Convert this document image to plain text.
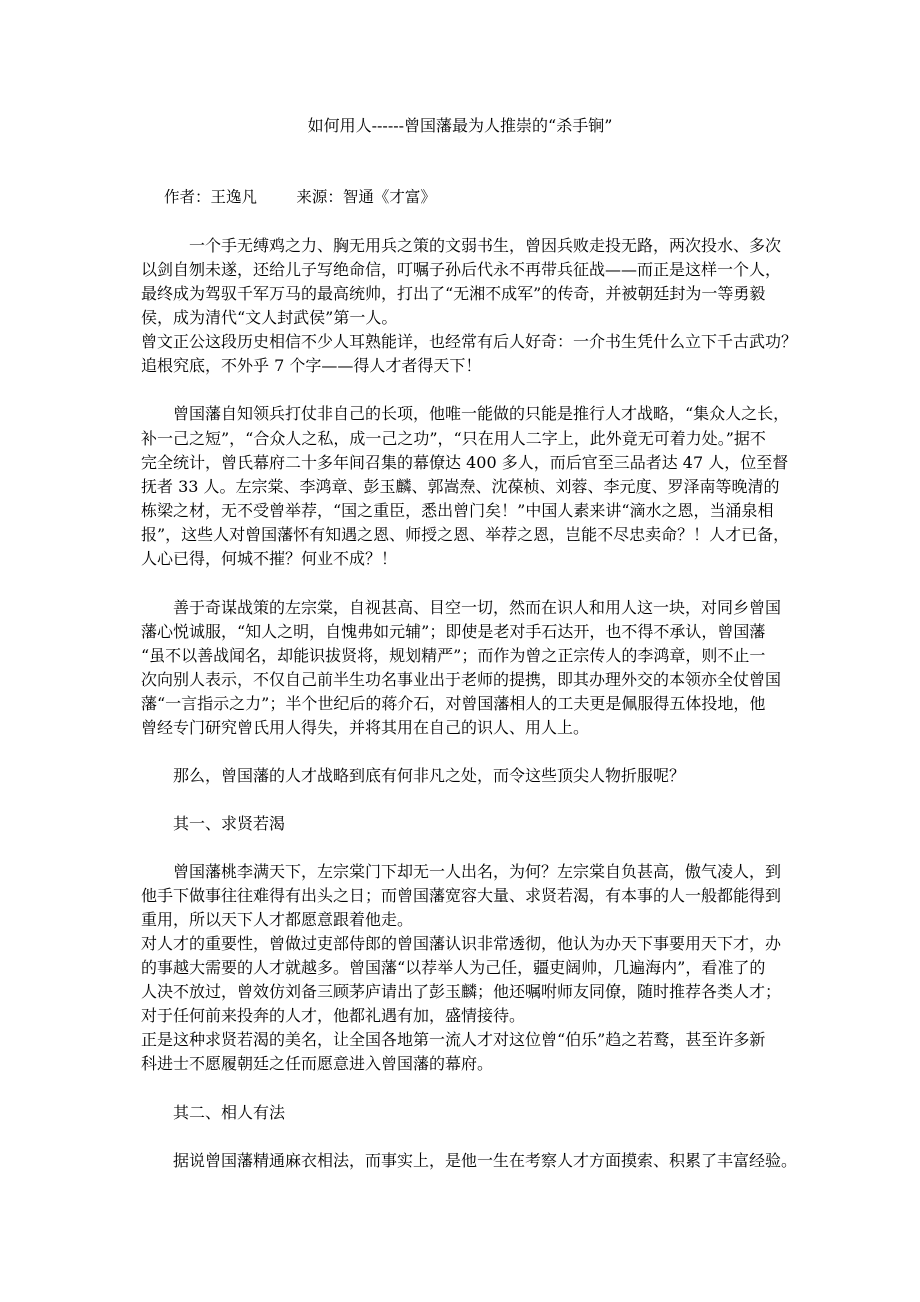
如何用人------曾国藩最为人推崇的“杀手锏”
作者：王逸凡        来源：智通《才富》
一个手无缚鸡之力、胸无用兵之策的文弱书生，曾因兵败走投无路，两次投水、多次
以剑自刎未遂，还给儿子写绝命信，叮嘱子孙后代永不再带兵征战——而正是这样一个人，
最终成为驾驭千军万马的最高统帅，打出了“无湘不成军”的传奇，并被朝廷封为一等勇毅
侯，成为清代“文人封武侯”第一人。
曾文正公这段历史相信不少人耳熟能详，也经常有后人好奇：一介书生凭什么立下千古武功？
追根究底，不外乎 7 个字——得人才者得天下！
曾国藩自知领兵打仗非自己的长项，他唯一能做的只能是推行人才战略，“集众人之长，
补一己之短”，“合众人之私，成一己之功”，“只在用人二字上，此外竟无可着力处。”据不
完全统计，曾氏幕府二十多年间召集的幕僚达 400 多人，而后官至三品者达 47 人，位至督
抚者 33 人。左宗棠、李鸿章、彭玉麟、郭嵩焘、沈葆桢、刘蓉、李元度、罗泽南等晚清的
栋梁之材，无不受曾举荐，“国之重臣，悉出曾门矣！”中国人素来讲“滴水之恩，当涌泉相
报”，这些人对曾国藩怀有知遇之恩、师授之恩、举荐之恩，岂能不尽忠卖命？！人才已备，
人心已得，何城不摧？何业不成？！
善于奇谋战策的左宗棠，自视甚高、目空一切，然而在识人和用人这一块，对同乡曾国
藩心悦诚服，“知人之明，自愧弗如元辅”；即使是老对手石达开，也不得不承认，曾国藩
“虽不以善战闻名，却能识拔贤将，规划精严”；而作为曾之正宗传人的李鸿章，则不止一
次向别人表示，不仅自己前半生功名事业出于老师的提携，即其办理外交的本领亦全仗曾国
藩“一言指示之力”；半个世纪后的蒋介石，对曾国藩相人的工夫更是佩服得五体投地，他
曾经专门研究曾氏用人得失，并将其用在自己的识人、用人上。
那么，曾国藩的人才战略到底有何非凡之处，而令这些顶尖人物折服呢？
其一、求贤若渴
曾国藩桃李满天下，左宗棠门下却无一人出名，为何？左宗棠自负甚高，傲气凌人，到
他手下做事往往难得有出头之日；而曾国藩宽容大量、求贤若渴，有本事的人一般都能得到
重用，所以天下人才都愿意跟着他走。
对人才的重要性，曾做过吏部侍郎的曾国藩认识非常透彻，他认为办天下事要用天下才，办
的事越大需要的人才就越多。曾国藩“以荐举人为己任，疆吏阔帅，几遍海内”，看准了的
人决不放过，曾效仿刘备三顾茅庐请出了彭玉麟；他还嘱咐师友同僚，随时推荐各类人才；
对于任何前来投奔的人才，他都礼遇有加，盛情接待。
正是这种求贤若渴的美名，让全国各地第一流人才对这位曾“伯乐”趋之若鹜，甚至许多新
科进士不愿履朝廷之任而愿意进入曾国藩的幕府。
其二、相人有法
据说曾国藩精通麻衣相法，而事实上，是他一生在考察人才方面摸索、积累了丰富经验。
